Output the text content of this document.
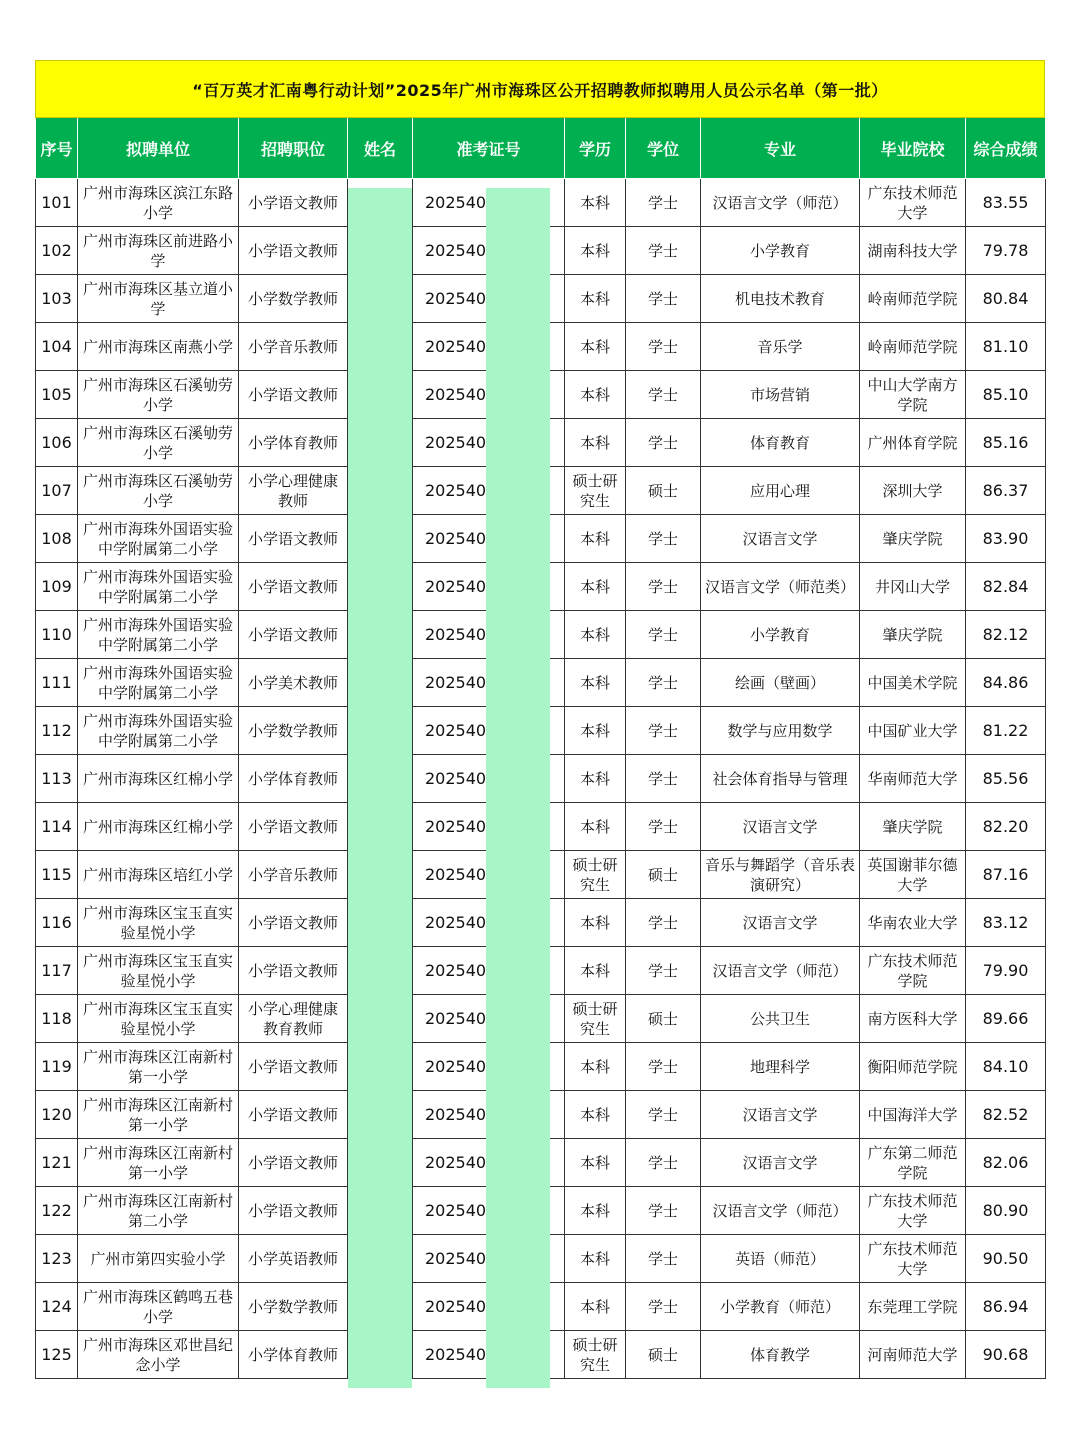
“百万英才汇南粤行动计划”2025年广州市海珠区公开招聘教师拟聘用人员公示名单（第一批）
序号	拟聘单位	招聘职位	姓名	准考证号	学历	学位	专业	毕业院校	综合成绩
101	广州市海珠区滨江东路小学	小学语文教师		202540	本科	学士	汉语言文学（师范）	广东技术师范大学	83.55
102	广州市海珠区前进路小学	小学语文教师		202540	本科	学士	小学教育	湖南科技大学	79.78
103	广州市海珠区基立道小学	小学数学教师		202540	本科	学士	机电技术教育	岭南师范学院	80.84
104	广州市海珠区南燕小学	小学音乐教师		202540	本科	学士	音乐学	岭南师范学院	81.10
105	广州市海珠区石溪劬劳小学	小学语文教师		202540	本科	学士	市场营销	中山大学南方学院	85.10
106	广州市海珠区石溪劬劳小学	小学体育教师		202540	本科	学士	体育教育	广州体育学院	85.16
107	广州市海珠区石溪劬劳小学	小学心理健康教师		202540	硕士研究生	硕士	应用心理	深圳大学	86.37
108	广州市海珠外国语实验中学附属第二小学	小学语文教师		202540	本科	学士	汉语言文学	肇庆学院	83.90
109	广州市海珠外国语实验中学附属第二小学	小学语文教师		202540	本科	学士	汉语言文学（师范类）	井冈山大学	82.84
110	广州市海珠外国语实验中学附属第二小学	小学语文教师		202540	本科	学士	小学教育	肇庆学院	82.12
111	广州市海珠外国语实验中学附属第二小学	小学美术教师		202540	本科	学士	绘画（壁画）	中国美术学院	84.86
112	广州市海珠外国语实验中学附属第二小学	小学数学教师		202540	本科	学士	数学与应用数学	中国矿业大学	81.22
113	广州市海珠区红棉小学	小学体育教师		202540	本科	学士	社会体育指导与管理	华南师范大学	85.56
114	广州市海珠区红棉小学	小学语文教师		202540	本科	学士	汉语言文学	肇庆学院	82.20
115	广州市海珠区培红小学	小学音乐教师		202540	硕士研究生	硕士	音乐与舞蹈学（音乐表演研究）	英国谢菲尔德大学	87.16
116	广州市海珠区宝玉直实验星悦小学	小学语文教师		202540	本科	学士	汉语言文学	华南农业大学	83.12
117	广州市海珠区宝玉直实验星悦小学	小学语文教师		202540	本科	学士	汉语言文学（师范）	广东技术师范学院	79.90
118	广州市海珠区宝玉直实验星悦小学	小学心理健康教育教师		202540	硕士研究生	硕士	公共卫生	南方医科大学	89.66
119	广州市海珠区江南新村第一小学	小学语文教师		202540	本科	学士	地理科学	衡阳师范学院	84.10
120	广州市海珠区江南新村第一小学	小学语文教师		202540	本科	学士	汉语言文学	中国海洋大学	82.52
121	广州市海珠区江南新村第一小学	小学语文教师		202540	本科	学士	汉语言文学	广东第二师范学院	82.06
122	广州市海珠区江南新村第二小学	小学语文教师		202540	本科	学士	汉语言文学（师范）	广东技术师范大学	80.90
123	广州市第四实验小学	小学英语教师		202540	本科	学士	英语（师范）	广东技术师范大学	90.50
124	广州市海珠区鹤鸣五巷小学	小学数学教师		202540	本科	学士	小学教育（师范）	东莞理工学院	86.94
125	广州市海珠区邓世昌纪念小学	小学体育教师		202540	硕士研究生	硕士	体育教学	河南师范大学	90.68
